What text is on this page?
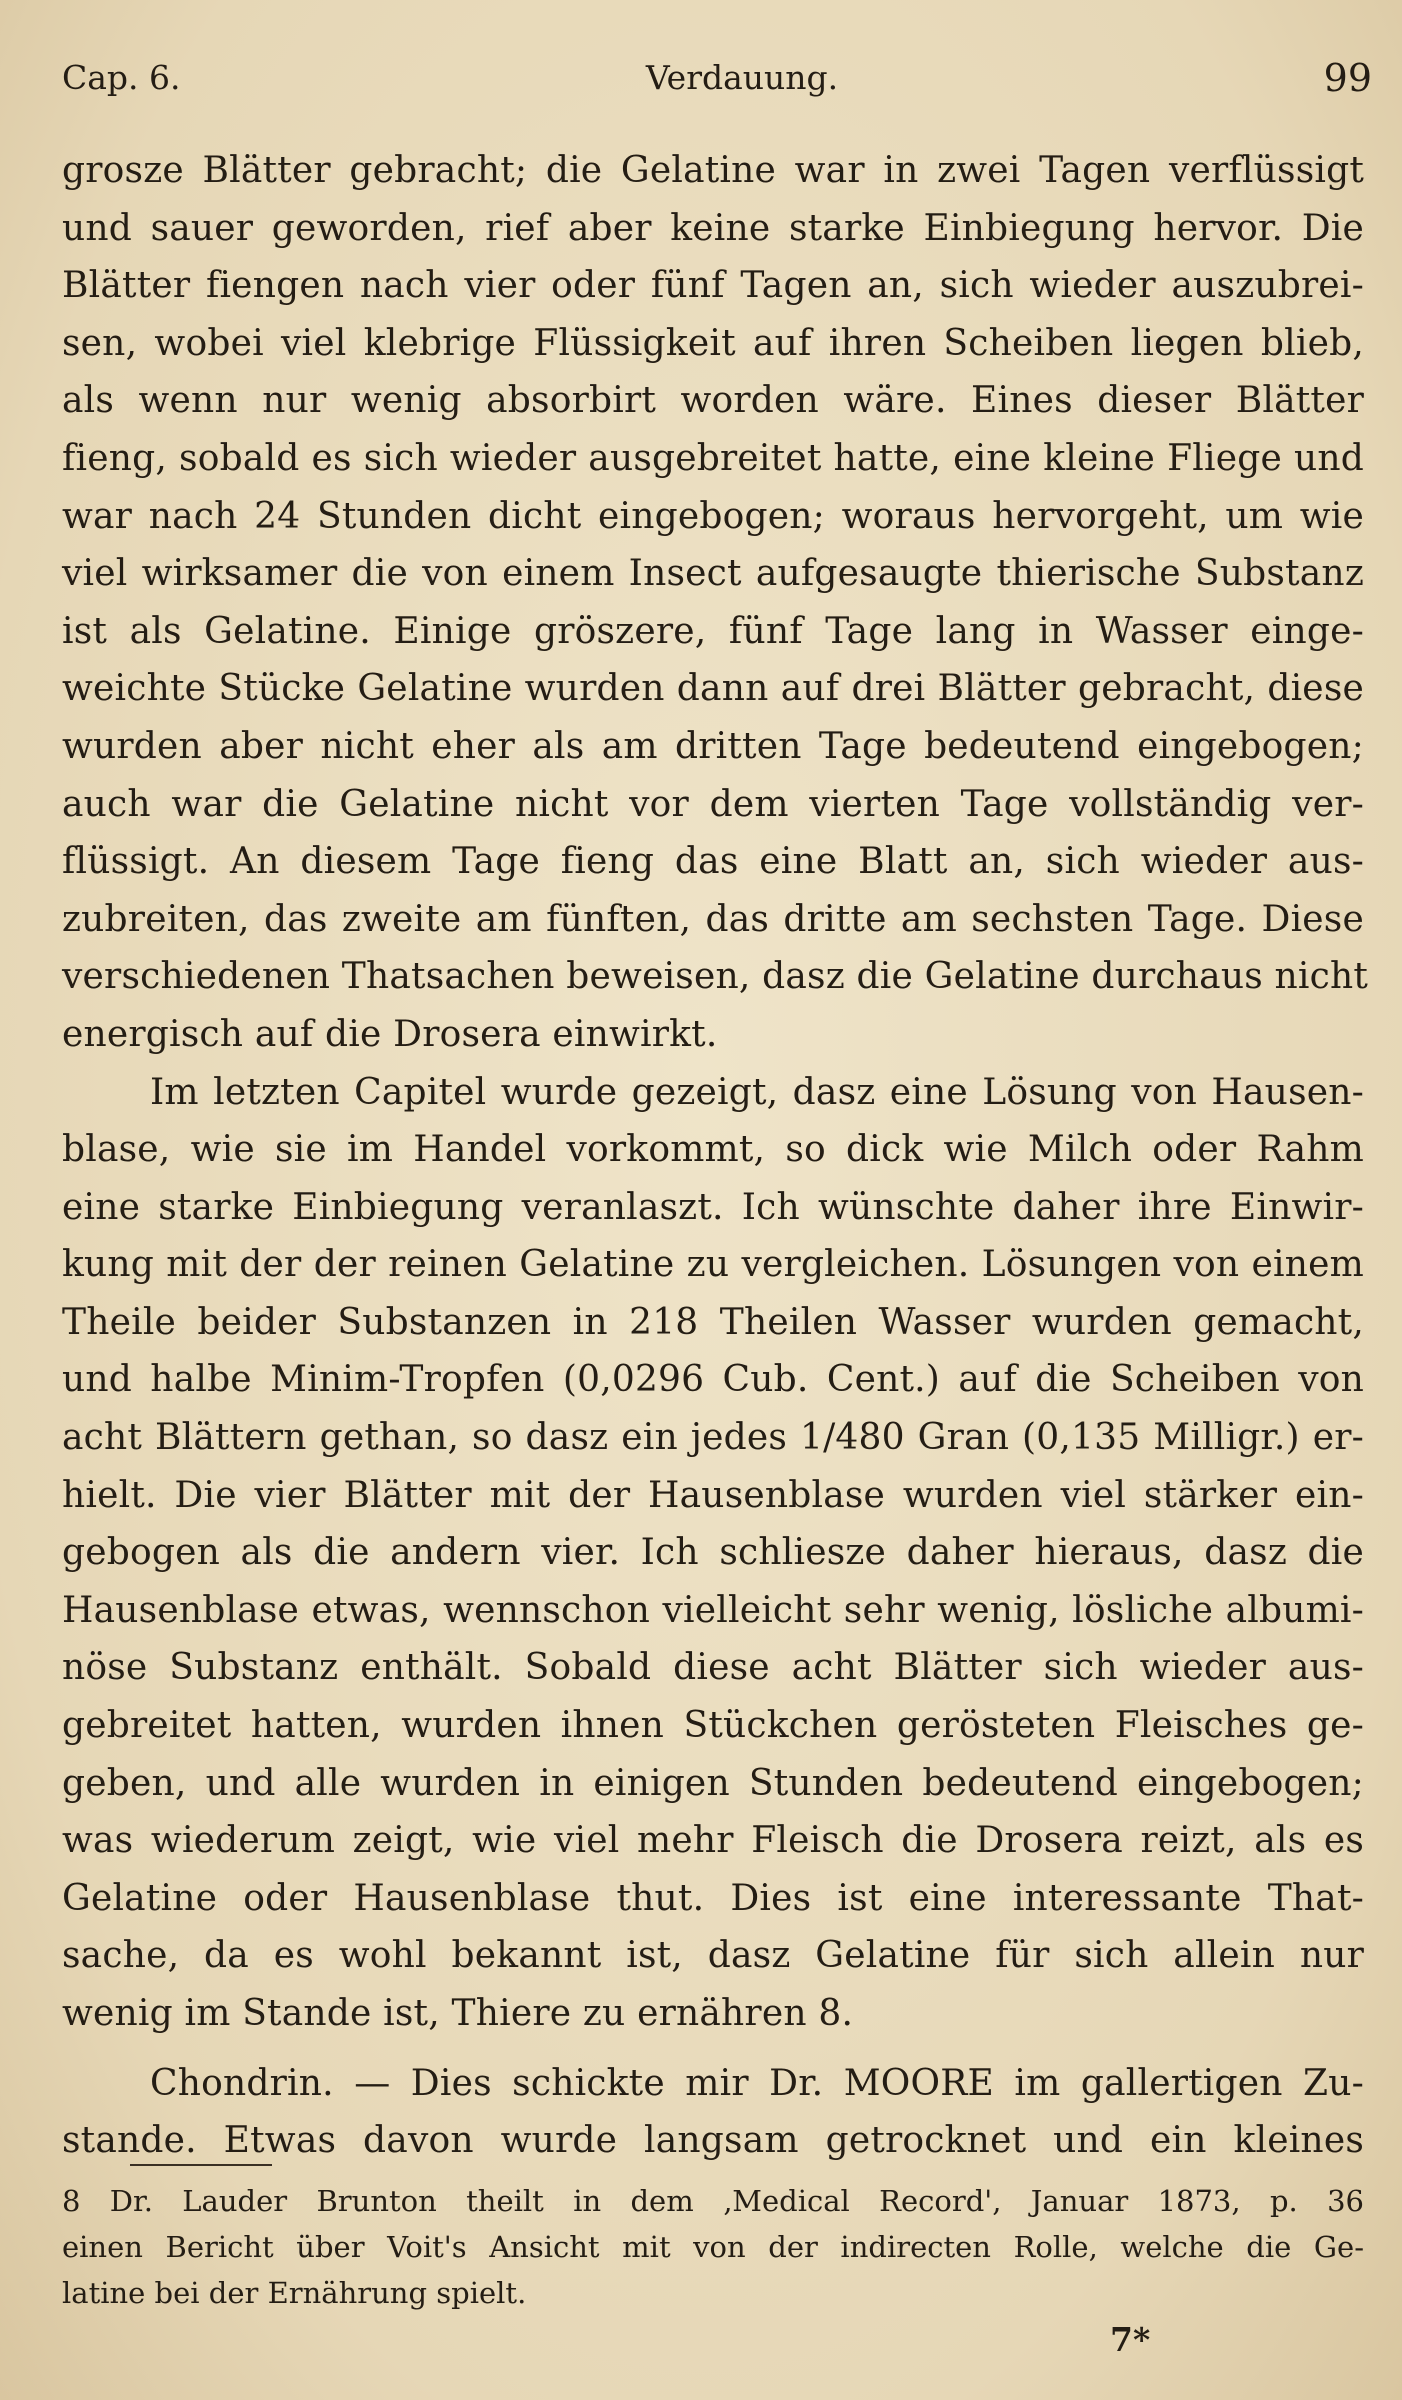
Cap. 6.	Verdauung.	99
grosze Blätter gebracht; die Gelatine war in zwei Tagen verflüssigt
und sauer geworden, rief aber keine starke Einbiegung hervor. Die
Blätter fiengen nach vier oder fünf Tagen an, sich wieder auszubrei-
sen, wobei viel klebrige Flüssigkeit auf ihren Scheiben liegen blieb,
als wenn nur wenig absorbirt worden wäre. Eines dieser Blätter
fieng, sobald es sich wieder ausgebreitet hatte, eine kleine Fliege und
war nach 24 Stunden dicht eingebogen; woraus hervorgeht, um wie
viel wirksamer die von einem Insect aufgesaugte thierische Substanz
ist als Gelatine. Einige gröszere, fünf Tage lang in Wasser einge-
weichte Stücke Gelatine wurden dann auf drei Blätter gebracht, diese
wurden aber nicht eher als am dritten Tage bedeutend eingebogen;
auch war die Gelatine nicht vor dem vierten Tage vollständig ver-
flüssigt. An diesem Tage fieng das eine Blatt an, sich wieder aus-
zubreiten, das zweite am fünften, das dritte am sechsten Tage. Diese
verschiedenen Thatsachen beweisen, dasz die Gelatine durchaus nicht
energisch auf die Drosera einwirkt.
Im letzten Capitel wurde gezeigt, dasz eine Lösung von Hausen-
blase, wie sie im Handel vorkommt, so dick wie Milch oder Rahm
eine starke Einbiegung veranlaszt. Ich wünschte daher ihre Einwir-
kung mit der der reinen Gelatine zu vergleichen. Lösungen von einem
Theile beider Substanzen in 218 Theilen Wasser wurden gemacht,
und halbe Minim-Tropfen (0,0296 Cub. Cent.) auf die Scheiben von
acht Blättern gethan, so dasz ein jedes 1/480 Gran (0,135 Milligr.) er-
hielt. Die vier Blätter mit der Hausenblase wurden viel stärker ein-
gebogen als die andern vier. Ich schliesze daher hieraus, dasz die
Hausenblase etwas, wennschon vielleicht sehr wenig, lösliche albumi-
nöse Substanz enthält. Sobald diese acht Blätter sich wieder aus-
gebreitet hatten, wurden ihnen Stückchen gerösteten Fleisches ge-
geben, und alle wurden in einigen Stunden bedeutend eingebogen;
was wiederum zeigt, wie viel mehr Fleisch die Drosera reizt, als es
Gelatine oder Hausenblase thut. Dies ist eine interessante That-
sache, da es wohl bekannt ist, dasz Gelatine für sich allein nur
wenig im Stande ist, Thiere zu ernähren 8.
Chondrin. — Dies schickte mir Dr. MOORE im gallertigen Zu-
stande. Etwas davon wurde langsam getrocknet und ein kleines
8 Dr. Lauder Brunton theilt in dem ‚Medical Record', Januar 1873, p. 36
einen Bericht über Voit's Ansicht mit von der indirecten Rolle, welche die Ge-
latine bei der Ernährung spielt.
7*
